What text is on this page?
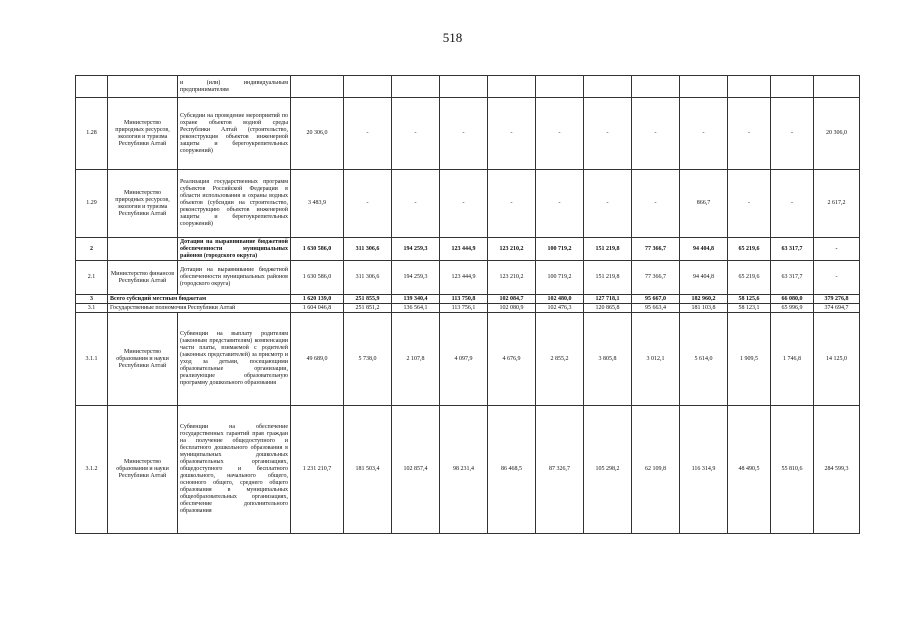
518
		и (или) индивидуальным предпринимателям												
1.28	Министерство природных ресурсов, экологии и туризма Республики Алтай	Субсидии на проведение мероприятий по охране объектов водной среды Республики Алтай (строительство, реконструкция объектов инженерной защиты и берегоукрепительных сооружений)	20 306,0	-	-	-	-	-	-	-	-	-	-	20 306,0
1.29	Министерство природных ресурсов, экологии и туризма Республики Алтай	Реализация государственных программ субъектов Российской Федерации в области использования и охраны водных объектов (субсидии на строительство, реконструкцию объектов инженерной защиты и берегоукрепительных сооружений)	3 483,9	-	-	-	-	-	-	-	866,7	-	-	2 617,2
2		Дотации на выравнивание бюджетной обеспеченности муниципальных районов (городского округа)	1 630 586,0	311 306,6	194 259,3	123 444,9	123 210,2	100 719,2	151 219,8	77 366,7	94 404,8	65 219,6	63 317,7	-
2.1	Министерство финансов Республики Алтай	Дотации на выравнивание бюджетной обеспеченности муниципальных районов (городского округа)	1 630 586,0	311 306,6	194 259,3	123 444,9	123 210,2	100 719,2	151 219,8	77 366,7	94 404,8	65 219,6	63 317,7	-
3	Всего субсидий местным бюджетам		1 620 139,0	251 855,9	139 340,4	113 750,8	102 084,7	102 480,0	127 718,1	95 667,0	182 960,2	58 125,6	66 080,0	379 276,8
3.1	Государственные полномочия Республики Алтай		1 604 046,8	251 851,2	136 564,1	113 756,1	102 080,9	102 476,3	120 865,8	95 663,4	181 103,8	58 123,1	65 996,9	374 694,7
3.1.1	Министерство образования и науки Республики Алтай	Субвенции на выплату родителям (законным представителям) компенсации части платы, взимаемой с родителей (законных представителей) за присмотр и уход за детьми, посещающими образовательные организации, реализующие образовательную программу дошкольного образования	49 689,0	5 738,0	2 107,8	4 097,9	4 676,9	2 855,2	3 805,8	3 012,1	5 614,0	1 909,5	1 746,8	14 125,0
3.1.2	Министерство образования и науки Республики Алтай	Субвенции на обеспечение государственных гарантий прав граждан на получение общедоступного и бесплатного дошкольного образования в муниципальных дошкольных образовательных организациях, общедоступного и бесплатного дошкольного, начального общего, основного общего, среднего общего образования в муниципальных общеобразовательных организациях, обеспечение дополнительного образования	1 231 210,7	181 503,4	102 857,4	98 231,4	86 468,5	87 326,7	105 298,2	62 109,8	116 314,9	48 490,5	55 810,6	284 599,3
